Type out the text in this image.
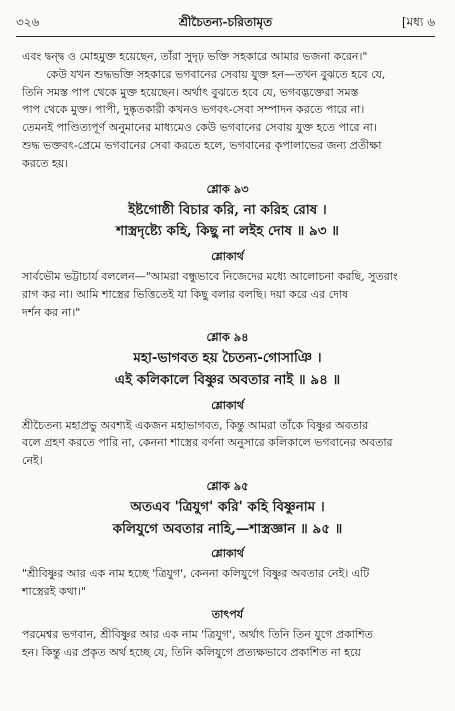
৩২৬	শ্রীচৈতন্য-চরিতামৃত	[মধ্য ৬

এবং দ্বন্দ্ব ও মোহমুক্ত হয়েছেন, তাঁরা সুদৃঢ় ভক্তি সহকারে আমার ভজনা করেন।"

কেউ যখন শুদ্ধভক্তি সহকারে ভগবানের সেবায় যুক্ত হন—তখন বুঝতে হবে যে,

তিনি সমস্ত পাপ থেকে মুক্ত হয়েছেন। অর্থাৎ বুঝতে হবে যে, ভগবদ্ভক্তেরা সমস্ত

পাপ থেকে মুক্ত। পাপী, দুষ্কৃতকারী কখনও ভগবৎ-সেবা সম্পাদন করতে পারে না।

তেমনই পাণ্ডিত্যপূর্ণ অনুমানের মাধ্যমেও কেউ ভগবানের সেবায় যুক্ত হতে পারে না।

শুদ্ধ ভক্তবৎ-প্রেমে ভগবানের সেবা করতে হলে, ভগবানের কৃপালাভের জন্য প্রতীক্ষা

করতে হয়।

শ্লোক ৯৩

ইষ্টগোষ্ঠী বিচার করি, না করিহ রোষ ।

শাস্ত্রদৃষ্ট্যে কহি, কিছু না লইহ দোষ ॥ ৯৩ ॥

শ্লোকার্থ

সার্বভৌম ভট্টাচার্য বললেন—"আমরা বন্ধুভাবে নিজেদের মধ্যে আলোচনা করছি, সুতরাং

রাগ কর না। আমি শাস্ত্রের ভিত্তিতেই যা কিছু বলার বলছি। দয়া করে এর দোষ

দর্শন কর না।"

শ্লোক ৯৪

মহা-ভাগবত হয় চৈতন্য-গোসাঞি ।

এই কলিকালে বিষ্ণুর অবতার নাই ॥ ৯৪ ॥

শ্লোকার্থ

শ্রীচৈতন্য মহাপ্রভু অবশ্যই একজন মহাভাগবত, কিন্তু আমরা তাঁকে বিষ্ণুর অবতার

বলে গ্রহণ করতে পারি না, কেননা শাস্ত্রের বর্ণনা অনুসারে কলিকালে ভগবানের অবতার

নেই।

শ্লোক ৯৫

অতএব 'ত্রিযুগ' করি' কহি বিষ্ণুনাম ।

কলিযুগে অবতার নাহি,—শাস্ত্রজ্ঞান ॥ ৯৫ ॥

শ্লোকার্থ

"শ্রীবিষ্ণুর আর এক নাম হচ্ছে 'ত্রিযুগ', কেননা কলিযুগে বিষ্ণুর অবতার নেই। এটি

শাস্ত্রেরই কথা।"

তাৎপর্য

পরমেশ্বর ভগবান, শ্রীবিষ্ণুর আর এক নাম 'ত্রিযুগ', অর্থাৎ তিনি তিন যুগে প্রকাশিত

হন। কিন্তু এর প্রকৃত অর্থ হচ্ছে যে, তিনি কলিযুগে প্রত্যক্ষভাবে প্রকাশিত না হয়ে
